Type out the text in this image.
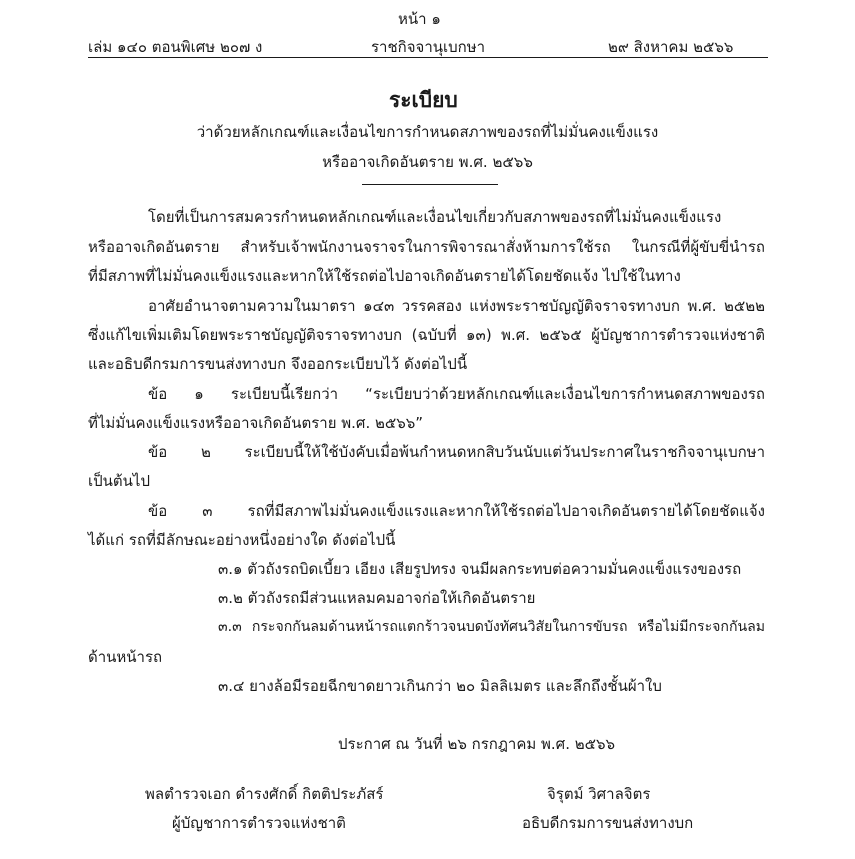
หน้า ๑
เล่ม ๑๔๐ ตอนพิเศษ ๒๐๗ ง	ราชกิจจานุเบกษา	๒๙ สิงหาคม ๒๕๖๖
ระเบียบ
ว่าด้วยหลักเกณฑ์และเงื่อนไขการกำหนดสภาพของรถที่ไม่มั่นคงแข็งแรง
หรืออาจเกิดอันตราย พ.ศ. ๒๕๖๖
โดยที่เป็นการสมควรกำหนดหลักเกณฑ์และเงื่อนไขเกี่ยวกับสภาพของรถที่ไม่มั่นคงแข็งแรง
หรืออาจเกิดอันตราย สำหรับเจ้าพนักงานจราจรในการพิจารณาสั่งห้ามการใช้รถ ในกรณีที่ผู้ขับขี่นำรถ
ที่มีสภาพที่ไม่มั่นคงแข็งแรงและหากให้ใช้รถต่อไปอาจเกิดอันตรายได้โดยชัดแจ้ง ไปใช้ในทาง
อาศัยอำนาจตามความในมาตรา ๑๔๓ วรรคสอง แห่งพระราชบัญญัติจราจรทางบก พ.ศ. ๒๕๒๒
ซึ่งแก้ไขเพิ่มเติมโดยพระราชบัญญัติจราจรทางบก (ฉบับที่ ๑๓) พ.ศ. ๒๕๖๕ ผู้บัญชาการตำรวจแห่งชาติ
และอธิบดีกรมการขนส่งทางบก จึงออกระเบียบไว้ ดังต่อไปนี้
ข้อ ๑ ระเบียบนี้เรียกว่า “ระเบียบว่าด้วยหลักเกณฑ์และเงื่อนไขการกำหนดสภาพของรถ
ที่ไม่มั่นคงแข็งแรงหรืออาจเกิดอันตราย พ.ศ. ๒๕๖๖”
ข้อ ๒ ระเบียบนี้ให้ใช้บังคับเมื่อพ้นกำหนดหกสิบวันนับแต่วันประกาศในราชกิจจานุเบกษา
เป็นต้นไป
ข้อ ๓ รถที่มีสภาพไม่มั่นคงแข็งแรงและหากให้ใช้รถต่อไปอาจเกิดอันตรายได้โดยชัดแจ้ง
ได้แก่ รถที่มีลักษณะอย่างหนึ่งอย่างใด ดังต่อไปนี้
๓.๑ ตัวถังรถบิดเบี้ยว เอียง เสียรูปทรง จนมีผลกระทบต่อความมั่นคงแข็งแรงของรถ
๓.๒ ตัวถังรถมีส่วนแหลมคมอาจก่อให้เกิดอันตราย
๓.๓ กระจกกันลมด้านหน้ารถแตกร้าวจนบดบังทัศนวิสัยในการขับรถ หรือไม่มีกระจกกันลม
ด้านหน้ารถ
๓.๔ ยางล้อมีรอยฉีกขาดยาวเกินกว่า ๒๐ มิลลิเมตร และลึกถึงชั้นผ้าใบ
ประกาศ ณ วันที่ ๒๖ กรกฎาคม พ.ศ. ๒๕๖๖
พลตำรวจเอก ดำรงศักดิ์ กิตติประภัสร์
ผู้บัญชาการตำรวจแห่งชาติ
จิรุตม์ วิศาลจิตร
อธิบดีกรมการขนส่งทางบก
